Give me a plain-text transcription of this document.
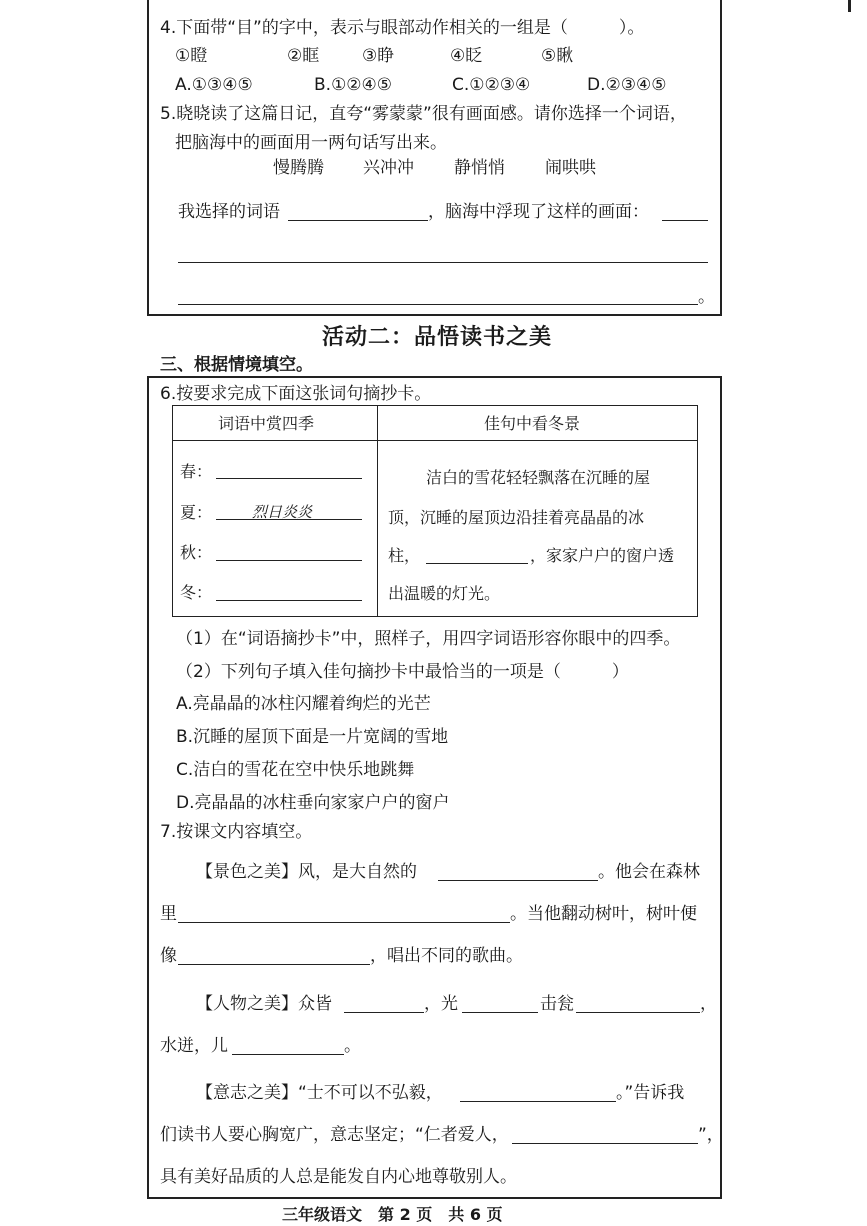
4.下面带“目”的字中，表示与眼部动作相关的一组是（　　　）。
①瞪	②眶	③睁	④眨	⑤瞅
A.①③④⑤	B.①②④⑤	C.①②③④	D.②③④⑤
5.晓晓读了这篇日记，直夸“雾蒙蒙”很有画面感。请你选择一个词语，
把脑海中的画面用一两句话写出来。
慢腾腾 兴冲冲 静悄悄 闹哄哄
我选择的词语	，脑海中浮现了这样的画面：
。
活动二：品悟读书之美
三、根据情境填空。
6.按要求完成下面这张词句摘抄卡。
词语中赏四季	佳句中看冬景
春：
夏：	烈日炎炎
秋：
冬：
洁白的雪花轻轻飘落在沉睡的屋
顶，沉睡的屋顶边沿挂着亮晶晶的冰
柱，	，家家户户的窗户透
出温暖的灯光。
（1）在“词语摘抄卡”中，照样子，用四字词语形容你眼中的四季。
（2）下列句子填入佳句摘抄卡中最恰当的一项是（　　　）
A.亮晶晶的冰柱闪耀着绚烂的光芒
B.沉睡的屋顶下面是一片宽阔的雪地
C.洁白的雪花在空中快乐地跳舞
D.亮晶晶的冰柱垂向家家户户的窗户
7.按课文内容填空。
【景色之美】风，是大自然的	。他会在森林
里	。当他翻动树叶，树叶便
像	，唱出不同的歌曲。
【人物之美】众皆	，光	击瓮	，
水迸，儿	。
【意志之美】“士不可以不弘毅，	。”告诉我
们读书人要心胸宽广，意志坚定；“仁者爱人，	”，
具有美好品质的人总是能发自内心地尊敬别人。
三年级语文　第 2 页　共 6 页
